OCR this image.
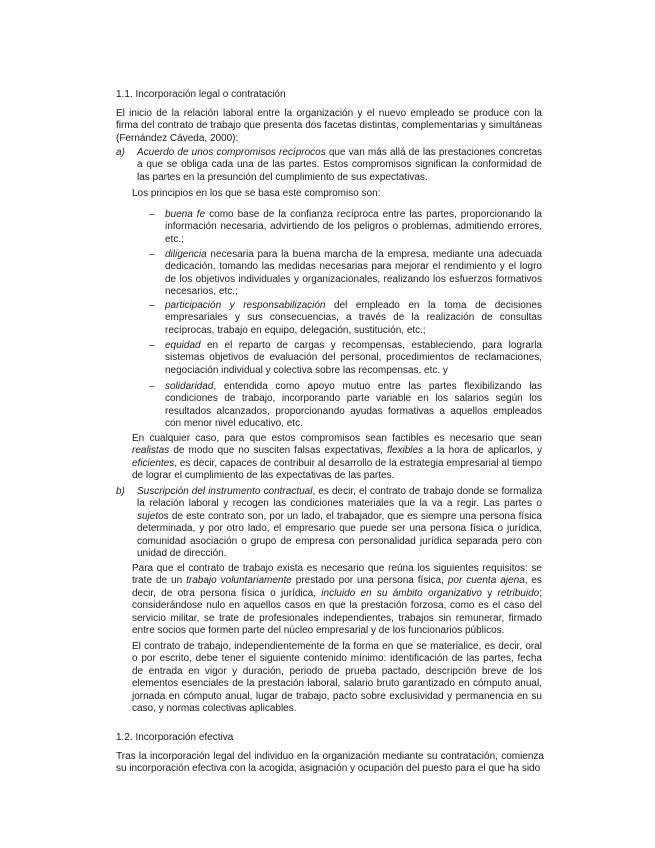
1.1. Incorporación legal o contratación
El inicio de la relación laboral entre la organización y el nuevo empleado se produce con la firma del contrato de trabajo que presenta dos facetas distintas, complementarias y simultáneas (Fernández Cáveda, 2000):
a) Acuerdo de unos compromisos recíprocos que van más allá de las prestaciones concretas a que se obliga cada una de las partes. Estos compromisos significan la conformidad de las partes en la presunción del cumplimiento de sus expectativas.
Los principios en los que se basa este compromiso son:
– buena fe como base de la confianza recíproca entre las partes, proporcionando la información necesaria, advirtiendo de los peligros o problemas, admitiendo errores, etc.;
– diligencia necesaria para la buena marcha de la empresa, mediante una adecuada dedicación, tomando las medidas necesarias para mejorar el rendimiento y el logro de los objetivos individuales y organizacionales, realizando los esfuerzos formativos necesarios, etc.;
– participación y responsabilización del empleado en la toma de decisiones empresariales y sus consecuencias, a través de la realización de consultas recíprocas, trabajo en equipo, delegación, sustitución, etc.;
– equidad en el reparto de cargas y recompensas, estableciendo, para lograrla sistemas objetivos de evaluación del personal, procedimientos de reclamaciones, negociación individual y colectiva sobre las recompensas, etc. y
– solidaridad, entendida como apoyo mutuo entre las partes flexibilizando las condiciones de trabajo, incorporando parte variable en los salarios según los resultados alcanzados, proporcionando ayudas formativas a aquellos empleados con menor nivel educativo, etc.
En cualquier caso, para que estos compromisos sean factibles es necesario que sean realistas de modo que no susciten falsas expectativas, flexibles a la hora de aplicarlos, y eficientes, es decir, capaces de contribuir al desarrollo de la estrategia empresarial al tiempo de lograr el cumplimiento de las expectativas de las partes.
b) Suscripción del instrumento contractual, es decir, el contrato de trabajo donde se formaliza la relación laboral y recogen las condiciones materiales que la va a regir. Las partes o sujetos de este contrato son, por un lado, el trabajador, que es siempre una persona física determinada, y por otro lado, el empresario que puede ser una persona física o jurídica, comunidad asociación o grupo de empresa con personalidad jurídica separada pero con unidad de dirección.
Para que el contrato de trabajo exista es necesario que reúna los siguientes requisitos: se trate de un trabajo voluntariamente prestado por una persona física, por cuenta ajena, es decir, de otra persona física o jurídica, incluido en su ámbito organizativo y retribuido; considerándose nulo en aquellos casos en que la prestación forzosa, como es el caso del servicio militar, se trate de profesionales independientes, trabajos sin remunerar, firmado entre socios que formen parte del núcleo empresarial y de los funcionarios públicos.
El contrato de trabajo, independientemente de la forma en que se materialice, es decir, oral o por escrito, debe tener el siguiente contenido mínimo: identificación de las partes, fecha de entrada en vigor y duración, periodo de prueba pactado, descripción breve de los elementos esenciales de la prestación laboral, salario bruto garantizado en cómputo anual, jornada en cómputo anual, lugar de trabajo, pacto sobre exclusividad y permanencia en su caso, y normas colectivas aplicables.
1.2. Incorporación efectiva
Tras la incorporación legal del individuo en la organización mediante su contratación, comienza su incorporación efectiva con la acogida, asignación y ocupación del puesto para el que ha sido
